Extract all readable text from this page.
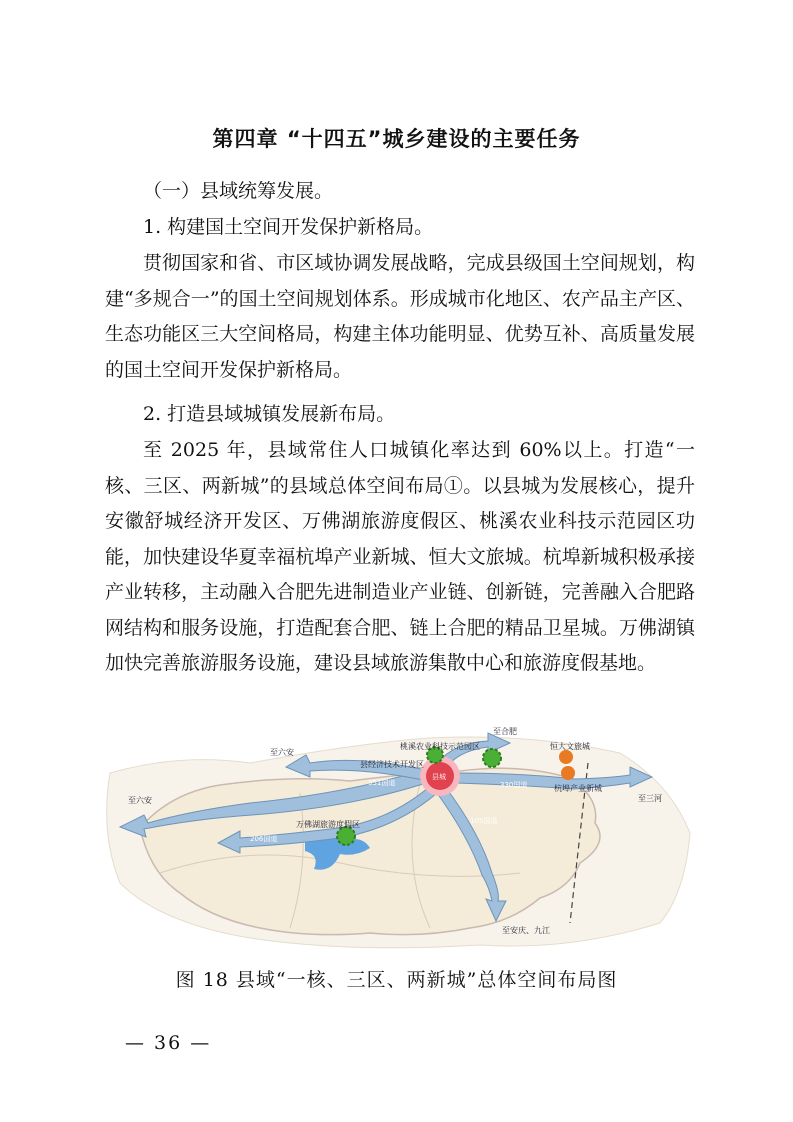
第四章 “十四五”城乡建设的主要任务

（一）县域统筹发展。

1. 构建国土空间开发保护新格局。

贯彻国家和省、市区域协调发展战略，完成县级国土空间规划，构建“多规合一”的国土空间规划体系。形成城市化地区、农产品主产区、生态功能区三大空间格局，构建主体功能明显、优势互补、高质量发展的国土空间开发保护新格局。

2. 打造县域城镇发展新布局。

至 2025 年，县域常住人口城镇化率达到 60%以上。打造“一核、三区、两新城”的县域总体空间布局①。以县城为发展核心，提升安徽舒城经济开发区、万佛湖旅游度假区、桃溪农业科技示范园区功能，加快建设华夏幸福杭埠产业新城、恒大文旅城。杭埠新城积极承接产业转移，主动融入合肥先进制造业产业链、创新链，完善融入合肥路网结构和服务设施，打造配套合肥、链上合肥的精品卫星城。万佛湖镇加快完善旅游服务设施，建设县域旅游集散中心和旅游度假基地。

至合肥
桃溪农业科技示范园区	恒大文旅城
至六安
至三河
县经济技术开发区
351国道
县城
330国道	杭埠产业新城
至六安
105国道
206国道
万佛湖旅游度假区
至安庆、九江
图 18 县域“一核、三区、两新城”总体空间布局图
— 36 —
